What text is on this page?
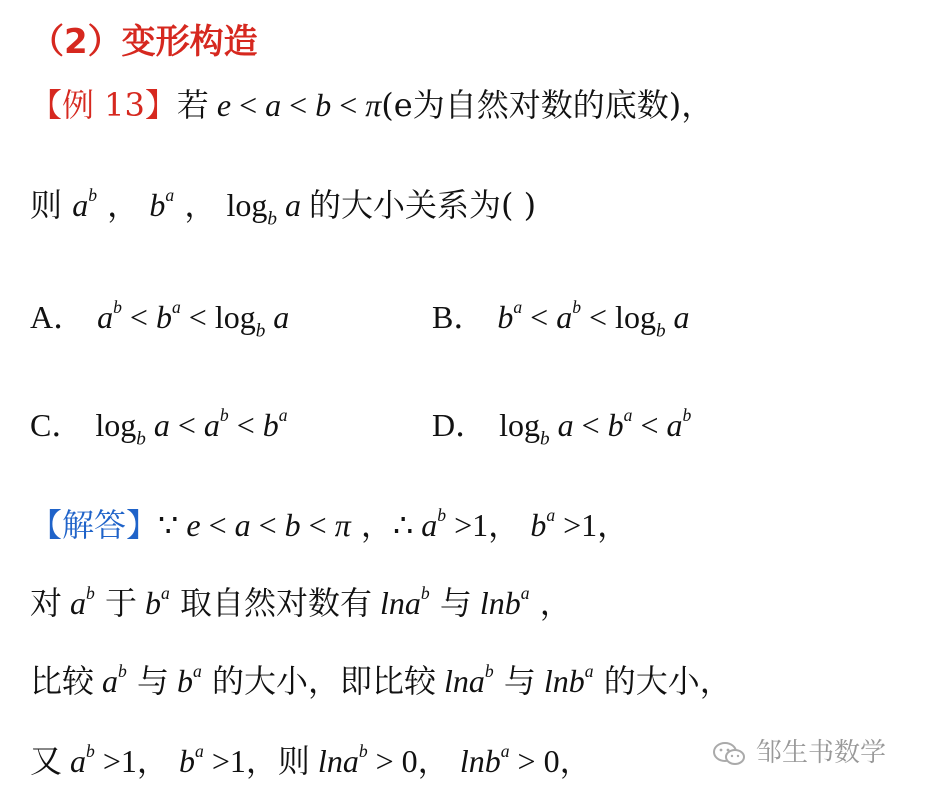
（2）变形构造
【例 13】若 e < a < b < π(e为自然对数的底数)，
则 $a^b$ ， $b^a$ ， $\log_b a$ 的大小关系为( )
A． $a^b < b^a < \log_b a$	B． $b^a < a^b < \log_b a$
C． $\log_b a < a^b < b^a$	D． $\log_b a < b^a < a^b$
【解答】∵ e < a < b < π ，∴ $a^b >1$， $b^a >1$，
对 $a^b$ 于 $b^a$ 取自然对数有 lna$^b$ 与 lnb$^a$ ，
比较 $a^b$ 与 $b^a$ 的大小，即比较 lna$^b$ 与 lnb$^a$ 的大小，
又 $a^b >1$， $b^a >1$，则 lna$^b$ > 0， lnb$^a$ > 0，	邹生书数学
